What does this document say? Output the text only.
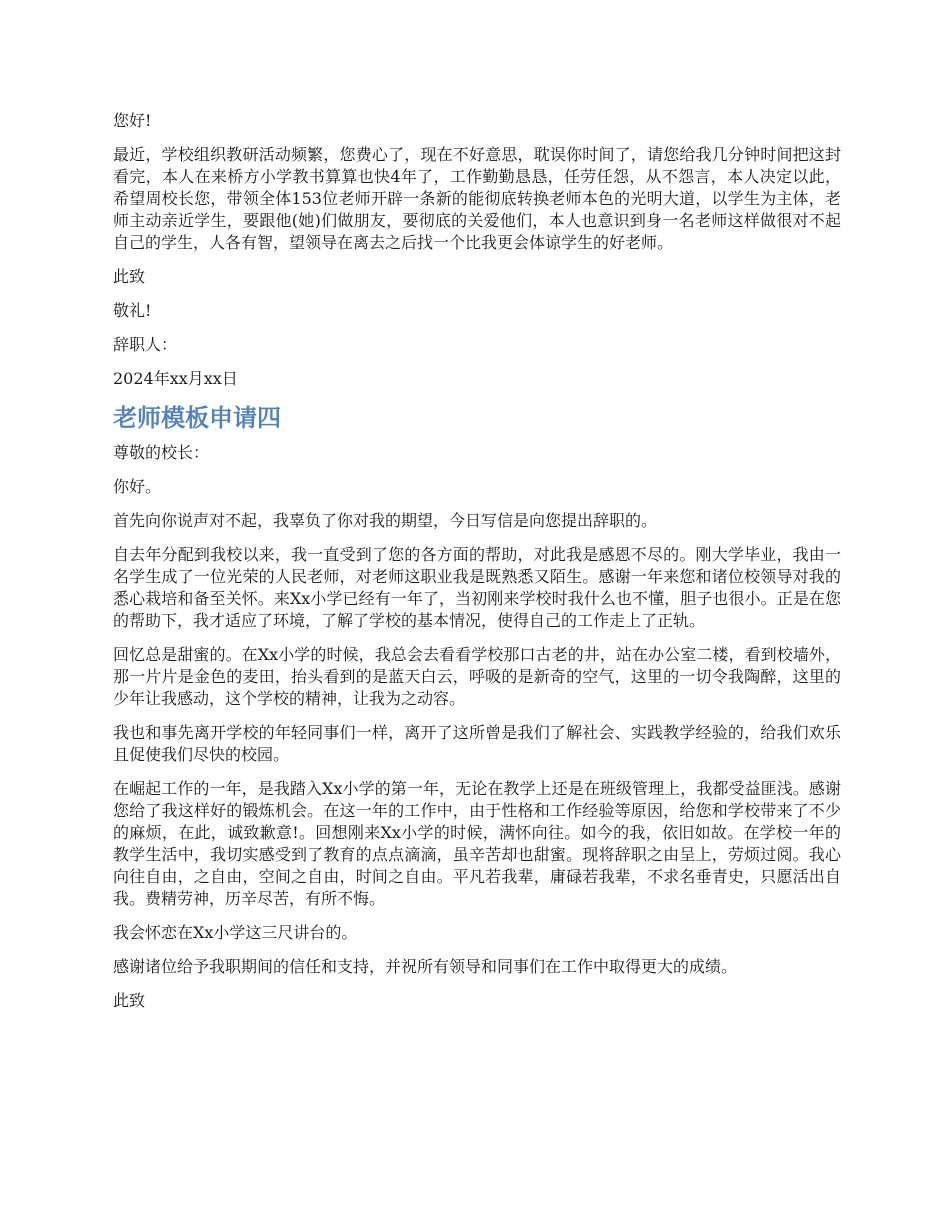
您好!

最近，学校组织教研活动频繁，您费心了，现在不好意思，耽误你时间了，请您给我几分钟时间把这封看完，本人在来桥方小学教书算算也快4年了，工作勤勤恳恳，任劳任怨，从不怨言，本人决定以此，希望周校长您，带领全体153位老师开辟一条新的能彻底转换老师本色的光明大道，以学生为主体，老师主动亲近学生，要跟他(她)们做朋友，要彻底的关爱他们，本人也意识到身一名老师这样做很对不起自己的学生，人各有智，望领导在离去之后找一个比我更会体谅学生的好老师。

此致

敬礼!

辞职人：

2024年xx月xx日

老师模板申请四

尊敬的校长：

你好。

首先向你说声对不起，我辜负了你对我的期望，今日写信是向您提出辞职的。

自去年分配到我校以来，我一直受到了您的各方面的帮助，对此我是感恩不尽的。刚大学毕业，我由一名学生成了一位光荣的人民老师，对老师这职业我是既熟悉又陌生。感谢一年来您和诸位校领导对我的悉心栽培和备至关怀。来Xx小学已经有一年了，当初刚来学校时我什么也不懂，胆子也很小。正是在您的帮助下，我才适应了环境，了解了学校的基本情况，使得自己的工作走上了正轨。

回忆总是甜蜜的。在Xx小学的时候，我总会去看看学校那口古老的井，站在办公室二楼，看到校墙外，那一片片是金色的麦田，抬头看到的是蓝天白云，呼吸的是新奇的空气，这里的一切令我陶醉，这里的少年让我感动，这个学校的精神，让我为之动容。

我也和事先离开学校的年轻同事们一样，离开了这所曾是我们了解社会、实践教学经验的，给我们欢乐且促使我们尽快的校园。

在崛起工作的一年，是我踏入Xx小学的第一年，无论在教学上还是在班级管理上，我都受益匪浅。感谢您给了我这样好的锻炼机会。在这一年的工作中，由于性格和工作经验等原因，给您和学校带来了不少的麻烦，在此，诚致歉意!。回想刚来Xx小学的时候，满怀向往。如今的我，依旧如故。在学校一年的教学生活中，我切实感受到了教育的点点滴滴，虽辛苦却也甜蜜。现将辞职之由呈上，劳烦过阅。我心向往自由，之自由，空间之自由，时间之自由。平凡若我辈，庸碌若我辈，不求名垂青史，只愿活出自我。费精劳神，历辛尽苦，有所不悔。

我会怀恋在Xx小学这三尺讲台的。

感谢诸位给予我职期间的信任和支持，并祝所有领导和同事们在工作中取得更大的成绩。

此致
